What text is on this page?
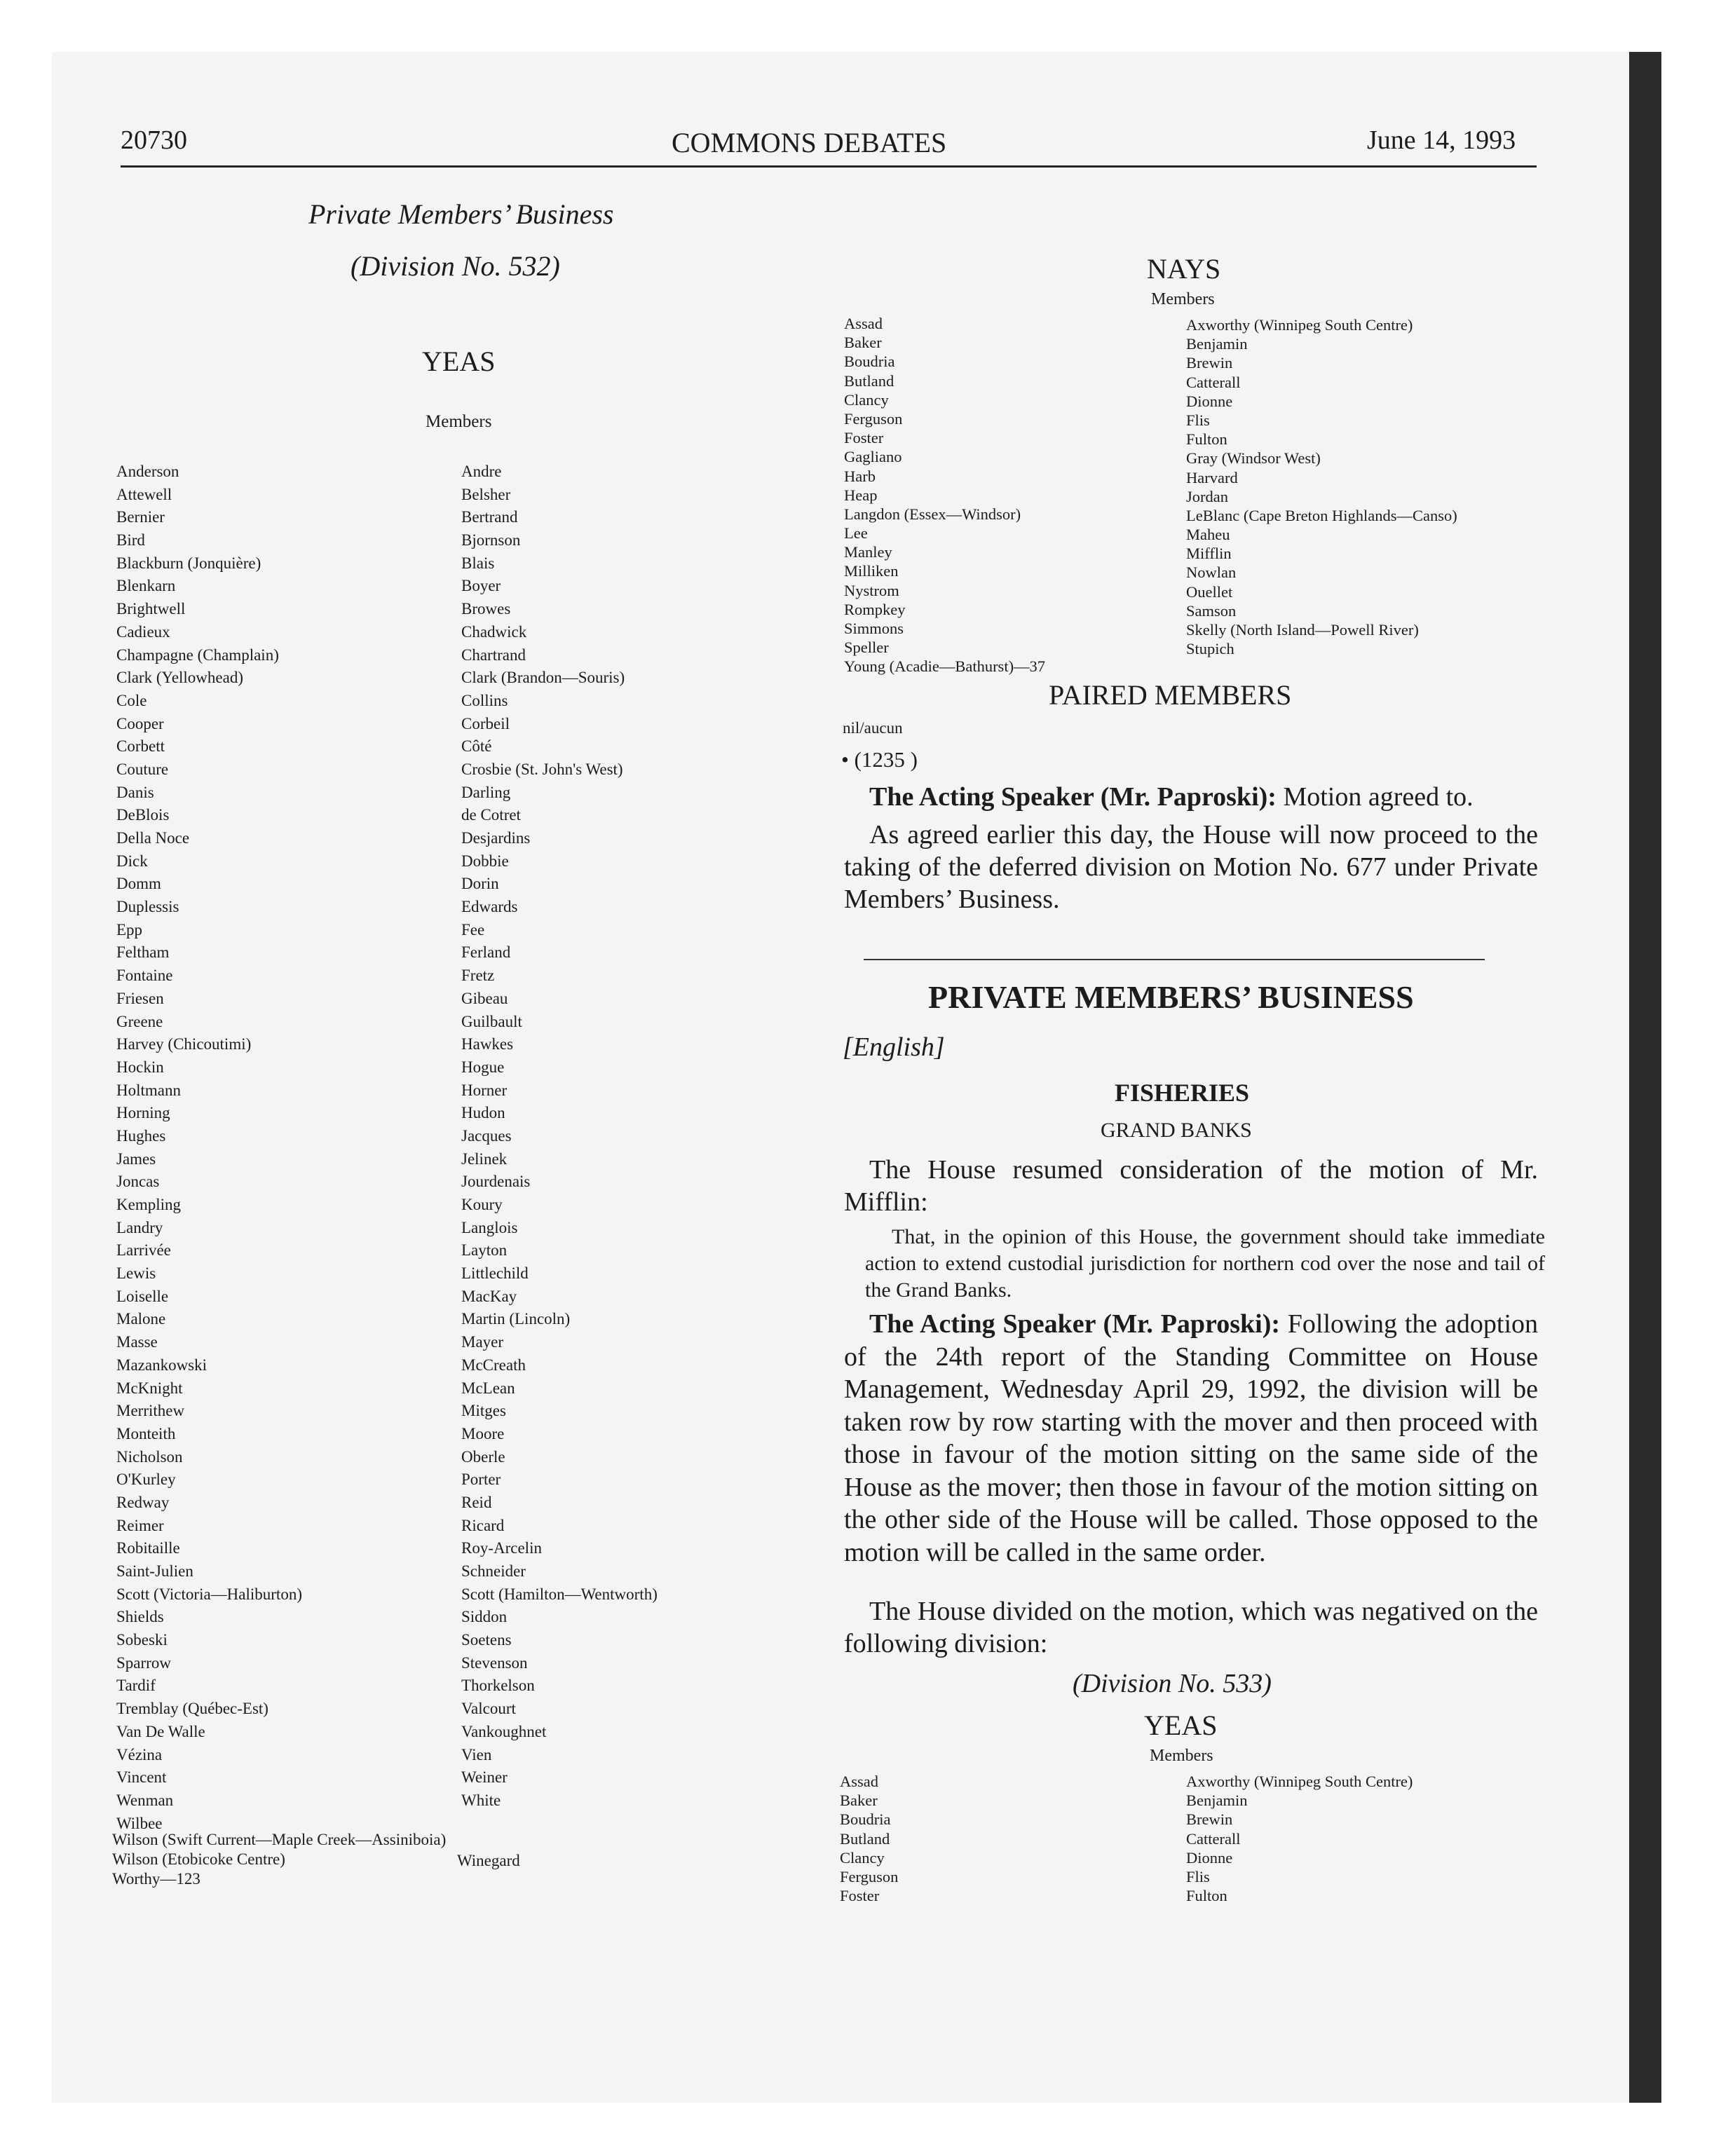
20730	COMMONS DEBATES	June 14, 1993
Private Members’ Business
(Division No. 532)
YEAS
Members
Anderson
Attewell
Bernier
Bird
Blackburn (Jonquière)
Blenkarn
Brightwell
Cadieux
Champagne (Champlain)
Clark (Yellowhead)
Cole
Cooper
Corbett
Couture
Danis
DeBlois
Della Noce
Dick
Domm
Duplessis
Epp
Feltham
Fontaine
Friesen
Greene
Harvey (Chicoutimi)
Hockin
Holtmann
Horning
Hughes
James
Joncas
Kempling
Landry
Larrivée
Lewis
Loiselle
Malone
Masse
Mazankowski
McKnight
Merrithew
Monteith
Nicholson
O'Kurley
Redway
Reimer
Robitaille
Saint-Julien
Scott (Victoria—Haliburton)
Shields
Sobeski
Sparrow
Tardif
Tremblay (Québec-Est)
Van De Walle
Vézina
Vincent
Wenman
Wilbee
Andre
Belsher
Bertrand
Bjornson
Blais
Boyer
Browes
Chadwick
Chartrand
Clark (Brandon—Souris)
Collins
Corbeil
Côté
Crosbie (St. John's West)
Darling
de Cotret
Desjardins
Dobbie
Dorin
Edwards
Fee
Ferland
Fretz
Gibeau
Guilbault
Hawkes
Hogue
Horner
Hudon
Jacques
Jelinek
Jourdenais
Koury
Langlois
Layton
Littlechild
MacKay
Martin (Lincoln)
Mayer
McCreath
McLean
Mitges
Moore
Oberle
Porter
Reid
Ricard
Roy-Arcelin
Schneider
Scott (Hamilton—Wentworth)
Siddon
Soetens
Stevenson
Thorkelson
Valcourt
Vankoughnet
Vien
Weiner
White
Wilson (Swift Current—Maple Creek—Assiniboia)
Wilson (Etobicoke Centre)	Winegard
Worthy—123
NAYS
Members
Assad
Baker
Boudria
Butland
Clancy
Ferguson
Foster
Gagliano
Harb
Heap
Langdon (Essex—Windsor)
Lee
Manley
Milliken
Nystrom
Rompkey
Simmons
Speller
Young (Acadie—Bathurst)—37
Axworthy (Winnipeg South Centre)
Benjamin
Brewin
Catterall
Dionne
Flis
Fulton
Gray (Windsor West)
Harvard
Jordan
LeBlanc (Cape Breton Highlands—Canso)
Maheu
Mifflin
Nowlan
Ouellet
Samson
Skelly (North Island—Powell River)
Stupich
PAIRED MEMBERS
nil/aucun
• (1235 )
The Acting Speaker (Mr. Paproski): Motion agreed to.
As agreed earlier this day, the House will now proceed to the taking of the deferred division on Motion No. 677 under Private Members’ Business.
PRIVATE MEMBERS’ BUSINESS
[English]
FISHERIES
GRAND BANKS
The House resumed consideration of the motion of Mr. Mifflin:
That, in the opinion of this House, the government should take immediate action to extend custodial jurisdiction for northern cod over the nose and tail of the Grand Banks.
The Acting Speaker (Mr. Paproski): Following the adoption of the 24th report of the Standing Committee on House Management, Wednesday April 29, 1992, the division will be taken row by row starting with the mover and then proceed with those in favour of the motion sitting on the same side of the House as the mover; then those in favour of the motion sitting on the other side of the House will be called. Those opposed to the motion will be called in the same order.
The House divided on the motion, which was negatived on the following division:
(Division No. 533)
YEAS
Members
Assad
Baker
Boudria
Butland
Clancy
Ferguson
Foster
Axworthy (Winnipeg South Centre)
Benjamin
Brewin
Catterall
Dionne
Flis
Fulton
